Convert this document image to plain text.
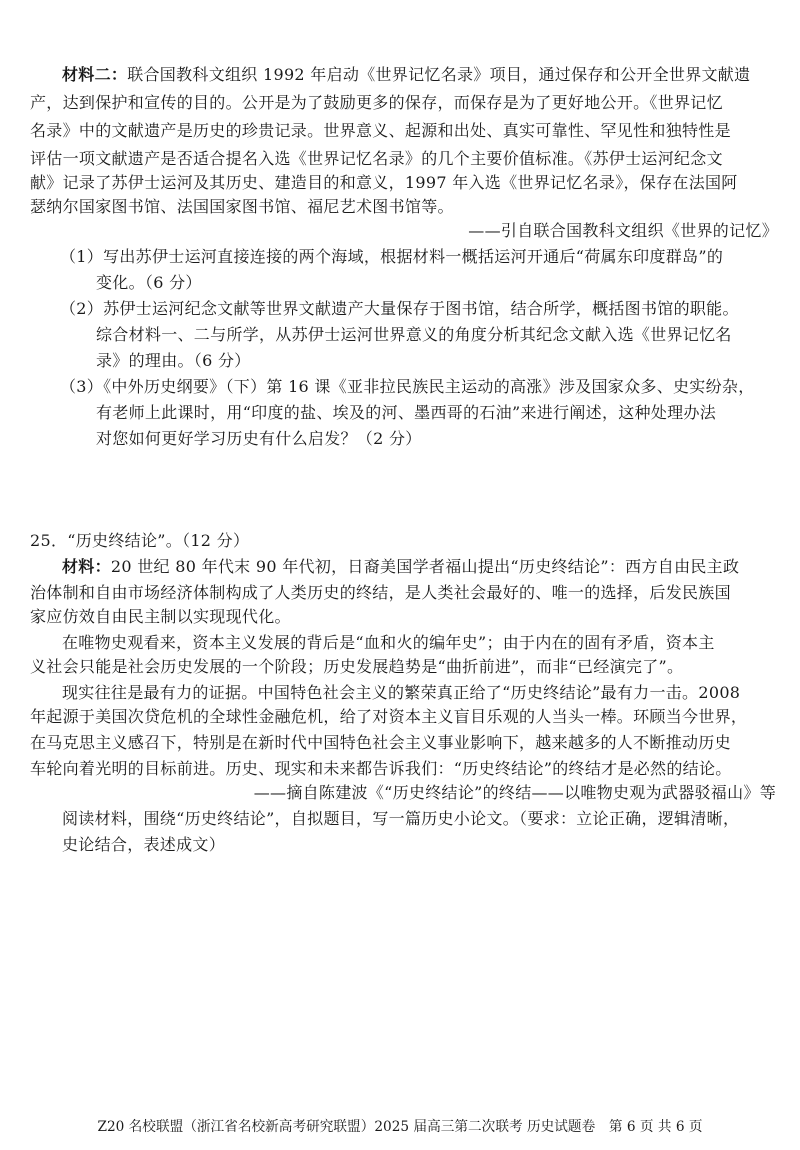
材料二：联合国教科文组织 1992 年启动《世界记忆名录》项目，通过保存和公开全世界文献遗
产，达到保护和宣传的目的。公开是为了鼓励更多的保存，而保存是为了更好地公开。《世界记忆
名录》中的文献遗产是历史的珍贵记录。世界意义、起源和出处、真实可靠性、罕见性和独特性是
评估一项文献遗产是否适合提名入选《世界记忆名录》的几个主要价值标准。《苏伊士运河纪念文
献》记录了苏伊士运河及其历史、建造目的和意义，1997 年入选《世界记忆名录》，保存在法国阿
瑟纳尔国家图书馆、法国国家图书馆、福尼艺术图书馆等。
——引自联合国教科文组织《世界的记忆》
（1）写出苏伊士运河直接连接的两个海域，根据材料一概括运河开通后“荷属东印度群岛”的
变化。（6 分）
（2）苏伊士运河纪念文献等世界文献遗产大量保存于图书馆，结合所学，概括图书馆的职能。
综合材料一、二与所学，从苏伊士运河世界意义的角度分析其纪念文献入选《世界记忆名
录》的理由。（6 分）
（3）《中外历史纲要》（下）第 16 课《亚非拉民族民主运动的高涨》涉及国家众多、史实纷杂，
有老师上此课时，用“印度的盐、埃及的河、墨西哥的石油”来进行阐述，这种处理办法
对您如何更好学习历史有什么启发？（2 分）
25．“历史终结论”。（12 分）
材料：20 世纪 80 年代末 90 年代初，日裔美国学者福山提出“历史终结论”：西方自由民主政
治体制和自由市场经济体制构成了人类历史的终结，是人类社会最好的、唯一的选择，后发民族国
家应仿效自由民主制以实现现代化。
在唯物史观看来，资本主义发展的背后是“血和火的编年史”；由于内在的固有矛盾，资本主
义社会只能是社会历史发展的一个阶段；历史发展趋势是“曲折前进”，而非“已经演完了”。
现实往往是最有力的证据。中国特色社会主义的繁荣真正给了“历史终结论”最有力一击。2008
年起源于美国次贷危机的全球性金融危机，给了对资本主义盲目乐观的人当头一棒。环顾当今世界，
在马克思主义感召下，特别是在新时代中国特色社会主义事业影响下，越来越多的人不断推动历史
车轮向着光明的目标前进。历史、现实和未来都告诉我们：“历史终结论”的终结才是必然的结论。
——摘自陈建波《“历史终结论”的终结——以唯物史观为武器驳福山》等
阅读材料，围绕“历史终结论”，自拟题目，写一篇历史小论文。（要求：立论正确，逻辑清晰，
史论结合，表述成文）
Z20 名校联盟（浙江省名校新高考研究联盟）2025 届高三第二次联考 历史试题卷　第 6 页 共 6 页
